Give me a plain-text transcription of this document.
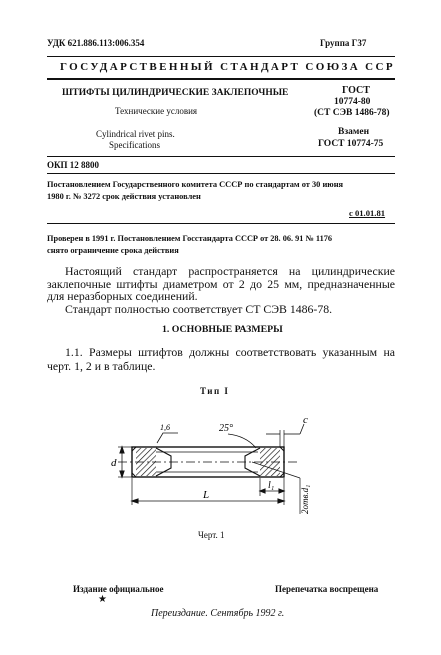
УДК 621.886.113:006.354	Группа Г37
ГОСУДАРСТВЕННЫЙ СТАНДАРТ СОЮЗА ССР
ШТИФТЫ ЦИЛИНДРИЧЕСКИЕ ЗАКЛЕПОЧНЫЕ	ГОСТ
10774-80
(СТ СЭВ 1486-78)
Технические условия
Cylindrical rivet pins.
Specifications
Взамен
ГОСТ 10774-75
ОКП 12 8800
Постановлением Государственного комитета СССР по стандартам от 30 июня
1980 г. № 3272 срок действия установлен
с 01.01.81
Проверен в 1991 г. Постановлением Госстандарта СССР от 28. 06. 91 № 1176
снято ограничение срока действия
Настоящий стандарт распространяется на цилиндрические заклепочные штифты диаметром от 2 до 25 мм, предназначенные для неразборных соединений.
Стандарт полностью соответствует СТ СЭВ 1486-78.
1. ОСНОВНЫЕ РАЗМЕРЫ
1.1. Размеры штифтов должны соответствовать указанным на черт. 1, 2 и в таблице.
Тип I
d
L
l₁
c
25°
1,6
2отв.d₁
Черт. 1
Издание официальное	Перепечатка воспрещена
★
Переиздание. Сентябрь 1992 г.
